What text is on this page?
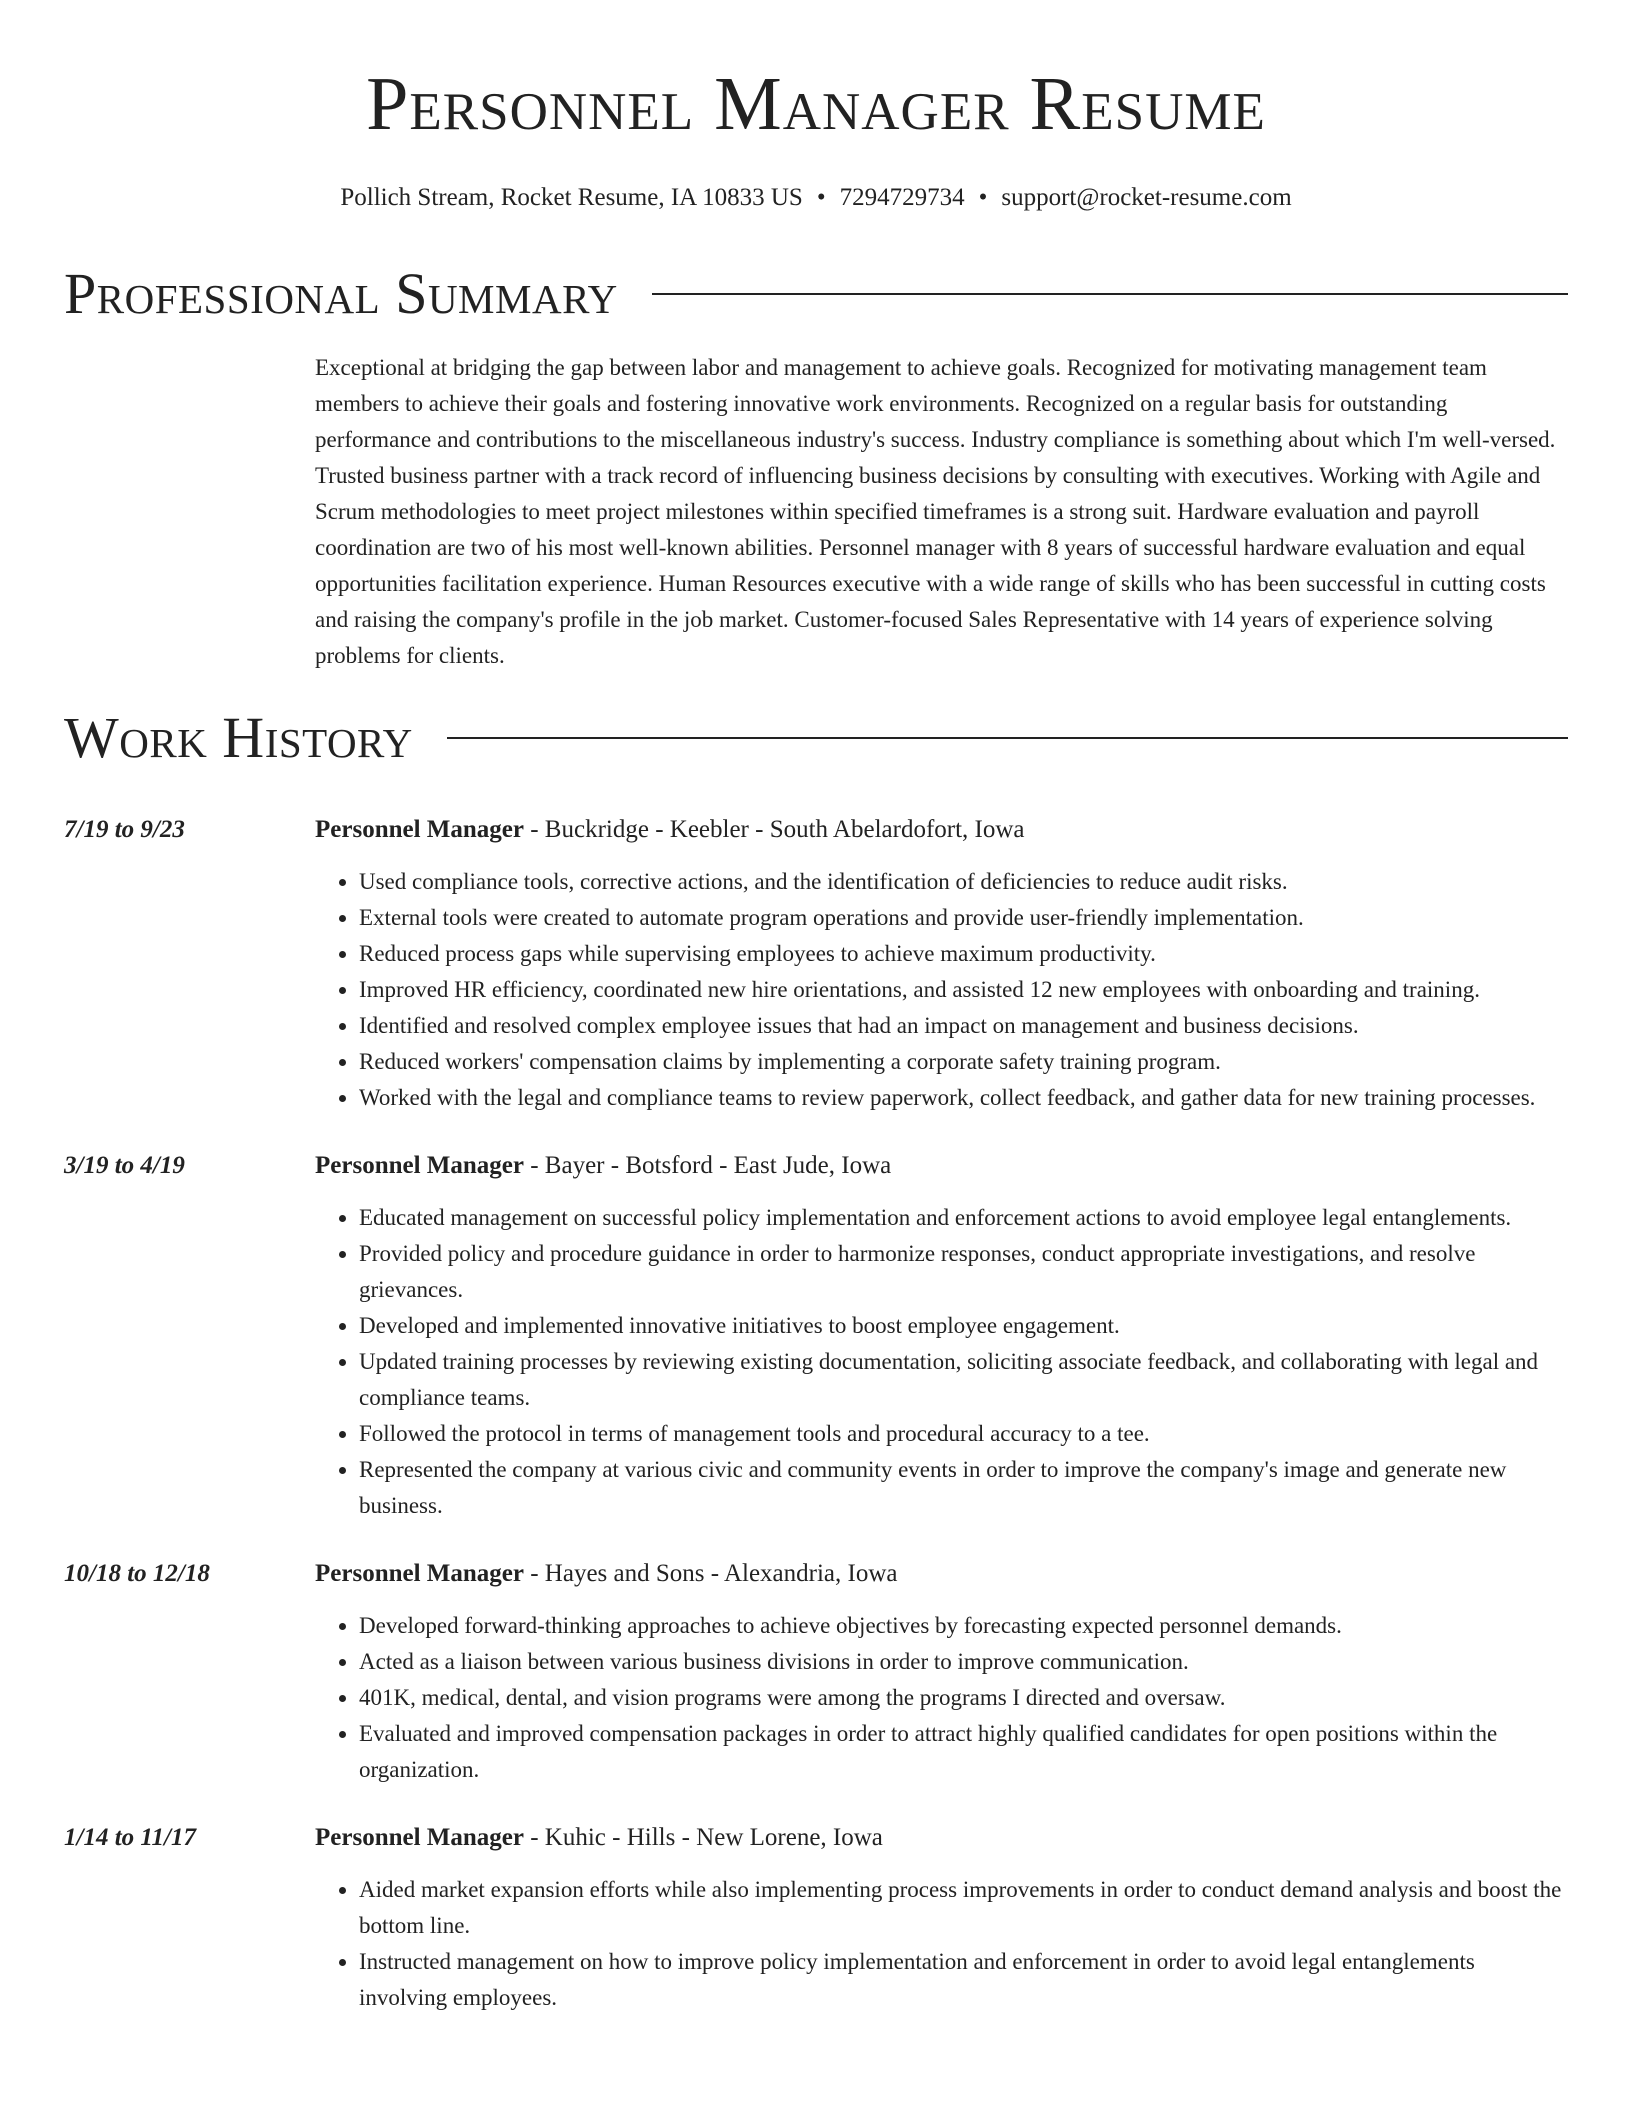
Personnel Manager Resume
Pollich Stream, Rocket Resume, IA 10833 US • 7294729734 • support@rocket-resume.com
Professional Summary
Exceptional at bridging the gap between labor and management to achieve goals. Recognized for motivating management team members to achieve their goals and fostering innovative work environments. Recognized on a regular basis for outstanding performance and contributions to the miscellaneous industry's success. Industry compliance is something about which I'm well-versed. Trusted business partner with a track record of influencing business decisions by consulting with executives. Working with Agile and Scrum methodologies to meet project milestones within specified timeframes is a strong suit. Hardware evaluation and payroll coordination are two of his most well-known abilities. Personnel manager with 8 years of successful hardware evaluation and equal opportunities facilitation experience. Human Resources executive with a wide range of skills who has been successful in cutting costs and raising the company's profile in the job market. Customer-focused Sales Representative with 14 years of experience solving problems for clients.
Work History
7/19 to 9/23	Personnel Manager - Buckridge - Keebler - South Abelardofort, Iowa
• Used compliance tools, corrective actions, and the identification of deficiencies to reduce audit risks.
• External tools were created to automate program operations and provide user-friendly implementation.
• Reduced process gaps while supervising employees to achieve maximum productivity.
• Improved HR efficiency, coordinated new hire orientations, and assisted 12 new employees with onboarding and training.
• Identified and resolved complex employee issues that had an impact on management and business decisions.
• Reduced workers' compensation claims by implementing a corporate safety training program.
• Worked with the legal and compliance teams to review paperwork, collect feedback, and gather data for new training processes.
3/19 to 4/19	Personnel Manager - Bayer - Botsford - East Jude, Iowa
• Educated management on successful policy implementation and enforcement actions to avoid employee legal entanglements.
• Provided policy and procedure guidance in order to harmonize responses, conduct appropriate investigations, and resolve grievances.
• Developed and implemented innovative initiatives to boost employee engagement.
• Updated training processes by reviewing existing documentation, soliciting associate feedback, and collaborating with legal and compliance teams.
• Followed the protocol in terms of management tools and procedural accuracy to a tee.
• Represented the company at various civic and community events in order to improve the company's image and generate new business.
10/18 to 12/18	Personnel Manager - Hayes and Sons - Alexandria, Iowa
• Developed forward-thinking approaches to achieve objectives by forecasting expected personnel demands.
• Acted as a liaison between various business divisions in order to improve communication.
• 401K, medical, dental, and vision programs were among the programs I directed and oversaw.
• Evaluated and improved compensation packages in order to attract highly qualified candidates for open positions within the organization.
1/14 to 11/17	Personnel Manager - Kuhic - Hills - New Lorene, Iowa
• Aided market expansion efforts while also implementing process improvements in order to conduct demand analysis and boost the bottom line.
• Instructed management on how to improve policy implementation and enforcement in order to avoid legal entanglements involving employees.
